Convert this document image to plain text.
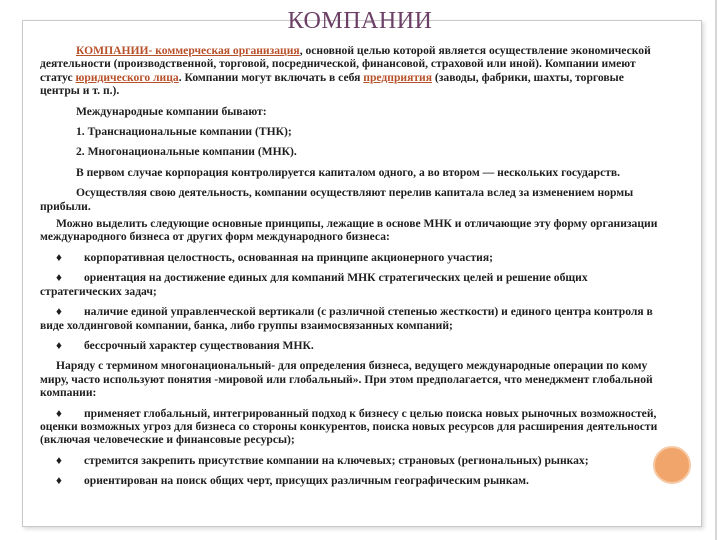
КОМПАНИИ

КОМПАНИИ- коммерческая организация, основной целью которой является осуществление экономической деятельности (производственной, торговой, посреднической, финансовой, страховой или иной). Компании имеют статус юридического лица. Компании могут включать в себя предприятия (заводы, фабрики, шахты, торговые центры и т. п.).

Международные компании бывают:

1. Транснациональные компании (ТНК);

2. Многонациональные компании (МНК).

В первом случае корпорация контролируется капиталом одного, а во втором — нескольких государств.

Осуществляя свою деятельность, компании осуществляют перелив капитала вслед за изменением нормы прибыли.

Можно выделить следующие основные принципы, лежащие в основе МНК и отличающие эту форму организации международного бизнеса от других форм международного бизнеса:

♦ корпоративная целостность, основанная на принципе акционерного участия;

♦ ориентация на достижение единых для компаний МНК стратегических целей и решение общих стратегических задач;

♦ наличие единой управленческой вертикали (с различной степенью жесткости) и единого центра контроля в виде холдинговой компании, банка, либо группы взаимосвязанных компаний;

♦ бессрочный характер существования МНК.

Наряду с термином многонациональный- для определения бизнеса, ведущего международные операции по кому миру, часто используют понятия -мировой или глобальный». При этом предполагается, что менеджмент глобальной компании:

♦ применяет глобальный, интегрированный подход к бизнесу с целью поиска новых рыночных возможностей, оценки возможных угроз для бизнеса со стороны конкурентов, поиска новых ресурсов для расширения деятельности (включая человеческие и финансовые ресурсы);

♦ стремится закрепить присутствие компании на ключевых; страновых (региональных) рынках;

♦ ориентирован на поиск общих черт, присущих различным географическим рынкам.
